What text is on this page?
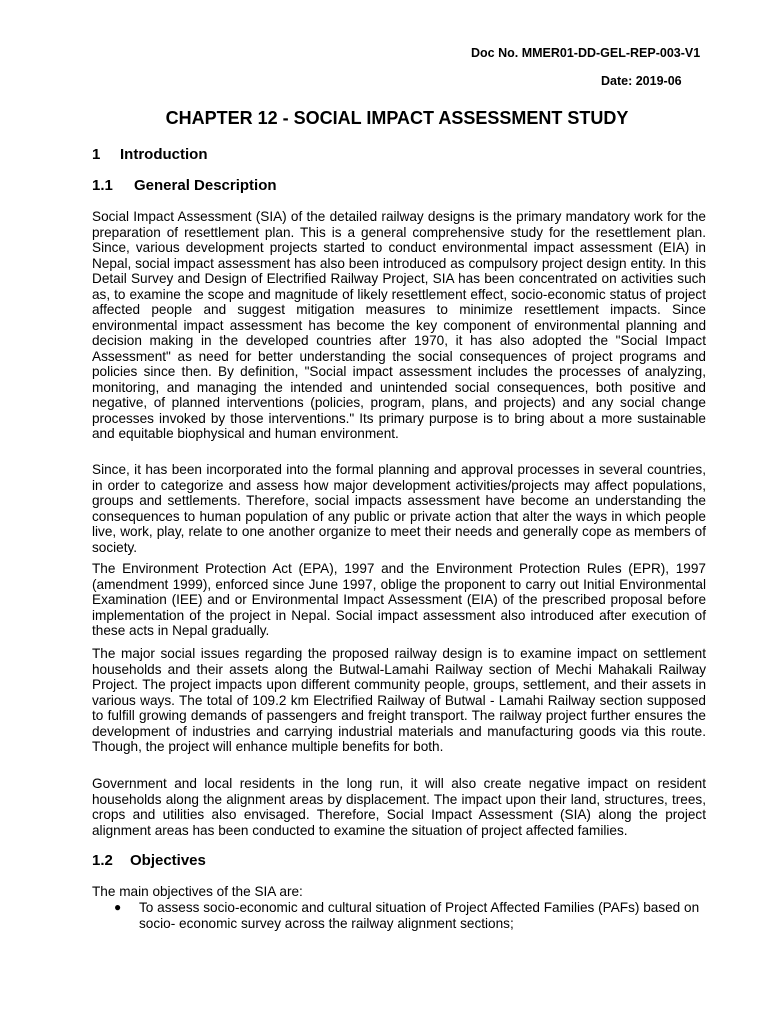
Doc No. MMER01-DD-GEL-REP-003-V1
Date: 2019-06
CHAPTER 12 - SOCIAL IMPACT ASSESSMENT STUDY
1 Introduction
1.1 General Description

Social Impact Assessment (SIA) of the detailed railway designs is the primary mandatory work for the preparation of resettlement plan. This is a general comprehensive study for the resettlement plan. Since, various development projects started to conduct environmental impact assessment (EIA) in Nepal, social impact assessment has also been introduced as compulsory project design entity. In this Detail Survey and Design of Electrified Railway Project, SIA has been concentrated on activities such as, to examine the scope and magnitude of likely resettlement effect, socio-economic status of project affected people and suggest mitigation measures to minimize resettlement impacts. Since environmental impact assessment has become the key component of environmental planning and decision making in the developed countries after 1970, it has also adopted the "Social Impact Assessment" as need for better understanding the social consequences of project programs and policies since then. By definition, "Social impact assessment includes the processes of analyzing, monitoring, and managing the intended and unintended social consequences, both positive and negative, of planned interventions (policies, program, plans, and projects) and any social change processes invoked by those interventions." Its primary purpose is to bring about a more sustainable and equitable biophysical and human environment.

Since, it has been incorporated into the formal planning and approval processes in several countries, in order to categorize and assess how major development activities/projects may affect populations, groups and settlements. Therefore, social impacts assessment have become an understanding the consequences to human population of any public or private action that alter the ways in which people live, work, play, relate to one another organize to meet their needs and generally cope as members of society.

The Environment Protection Act (EPA), 1997 and the Environment Protection Rules (EPR), 1997 (amendment 1999), enforced since June 1997, oblige the proponent to carry out Initial Environmental Examination (IEE) and or Environmental Impact Assessment (EIA) of the prescribed proposal before implementation of the project in Nepal. Social impact assessment also introduced after execution of these acts in Nepal gradually.

The major social issues regarding the proposed railway design is to examine impact on settlement households and their assets along the Butwal-Lamahi Railway section of Mechi Mahakali Railway Project. The project impacts upon different community people, groups, settlement, and their assets in various ways. The total of 109.2 km Electrified Railway of Butwal - Lamahi Railway section supposed to fulfill growing demands of passengers and freight transport. The railway project further ensures the development of industries and carrying industrial materials and manufacturing goods via this route. Though, the project will enhance multiple benefits for both.

Government and local residents in the long run, it will also create negative impact on resident households along the alignment areas by displacement. The impact upon their land, structures, trees, crops and utilities also envisaged. Therefore, Social Impact Assessment (SIA) along the project alignment areas has been conducted to examine the situation of project affected families.

1.2 Objectives

The main objectives of the SIA are:

● To assess socio-economic and cultural situation of Project Affected Families (PAFs) based on socio- economic survey across the railway alignment sections;
